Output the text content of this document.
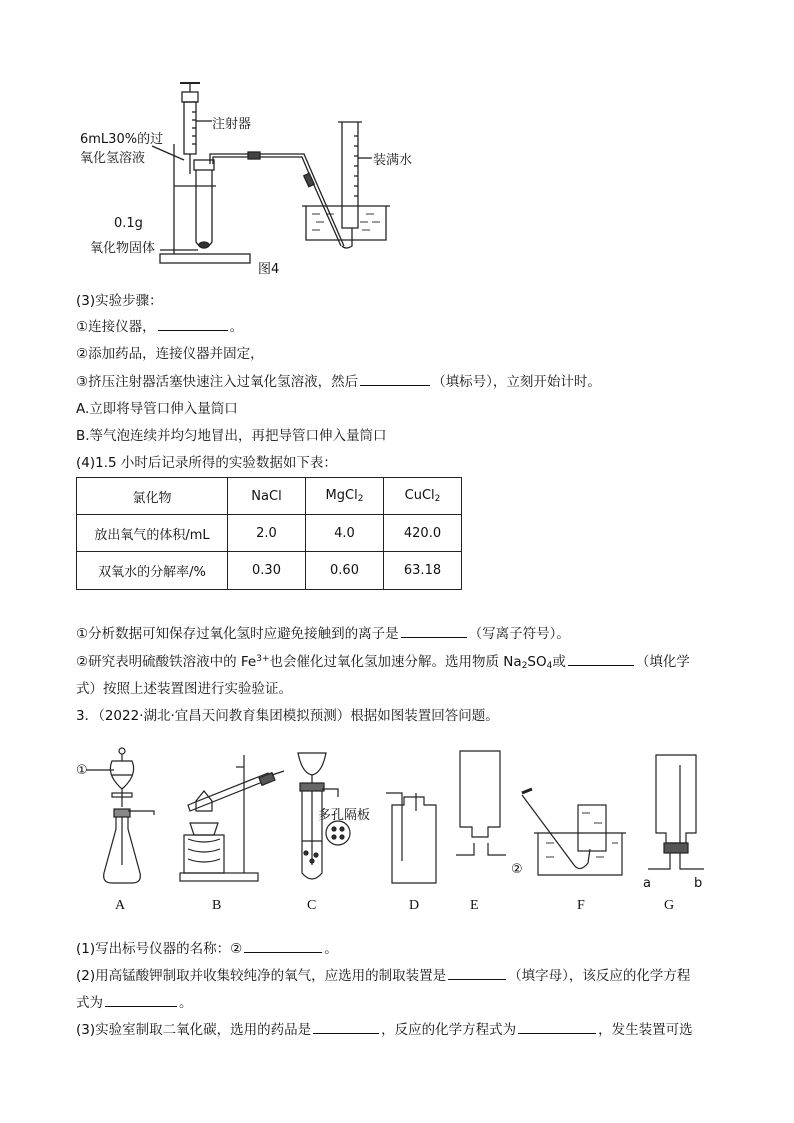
注射器
6mL30%的过
氧化氢溶液	装满水
0.1g
氧化物固体
图4
(3)实验步骤：
①连接仪器，	。
②添加药品，连接仪器并固定，
③挤压注射器活塞快速注入过氧化氢溶液，然后	（填标号），立刻开始计时。
A.立即将导管口伸入量筒口
B.等气泡连续并均匀地冒出，再把导管口伸入量筒口
(4)1.5 小时后记录所得的实验数据如下表：
氯化物	NaCl	MgCl$_2$	CuCl$_2$
放出氧气的体积/mL	2.0	4.0	420.0
双氧水的分解率/%	0.30	0.60	63.18
①分析数据可知保存过氧化氢时应避免接触到的离子是	（写离子符号）。
②研究表明硫酸铁溶液中的 $Fe^{3+}$也会催化过氧化氢加速分解。选用物质 $Na_2SO_4$或	（填化学
式）按照上述装置图进行实验验证。
3．（2022·湖北·宜昌天问教育集团模拟预测）根据如图装置回答问题。
①
②
多孔隔板
a	b
A	B	C	D	E	F	G
(1)写出标号仪器的名称：②	。
(2)用高锰酸钾制取并收集较纯净的氧气，应选用的制取装置是	（填字母），该反应的化学方程
式为	。
(3)实验室制取二氧化碳，选用的药品是	，反应的化学方程式为	，发生装置可选
